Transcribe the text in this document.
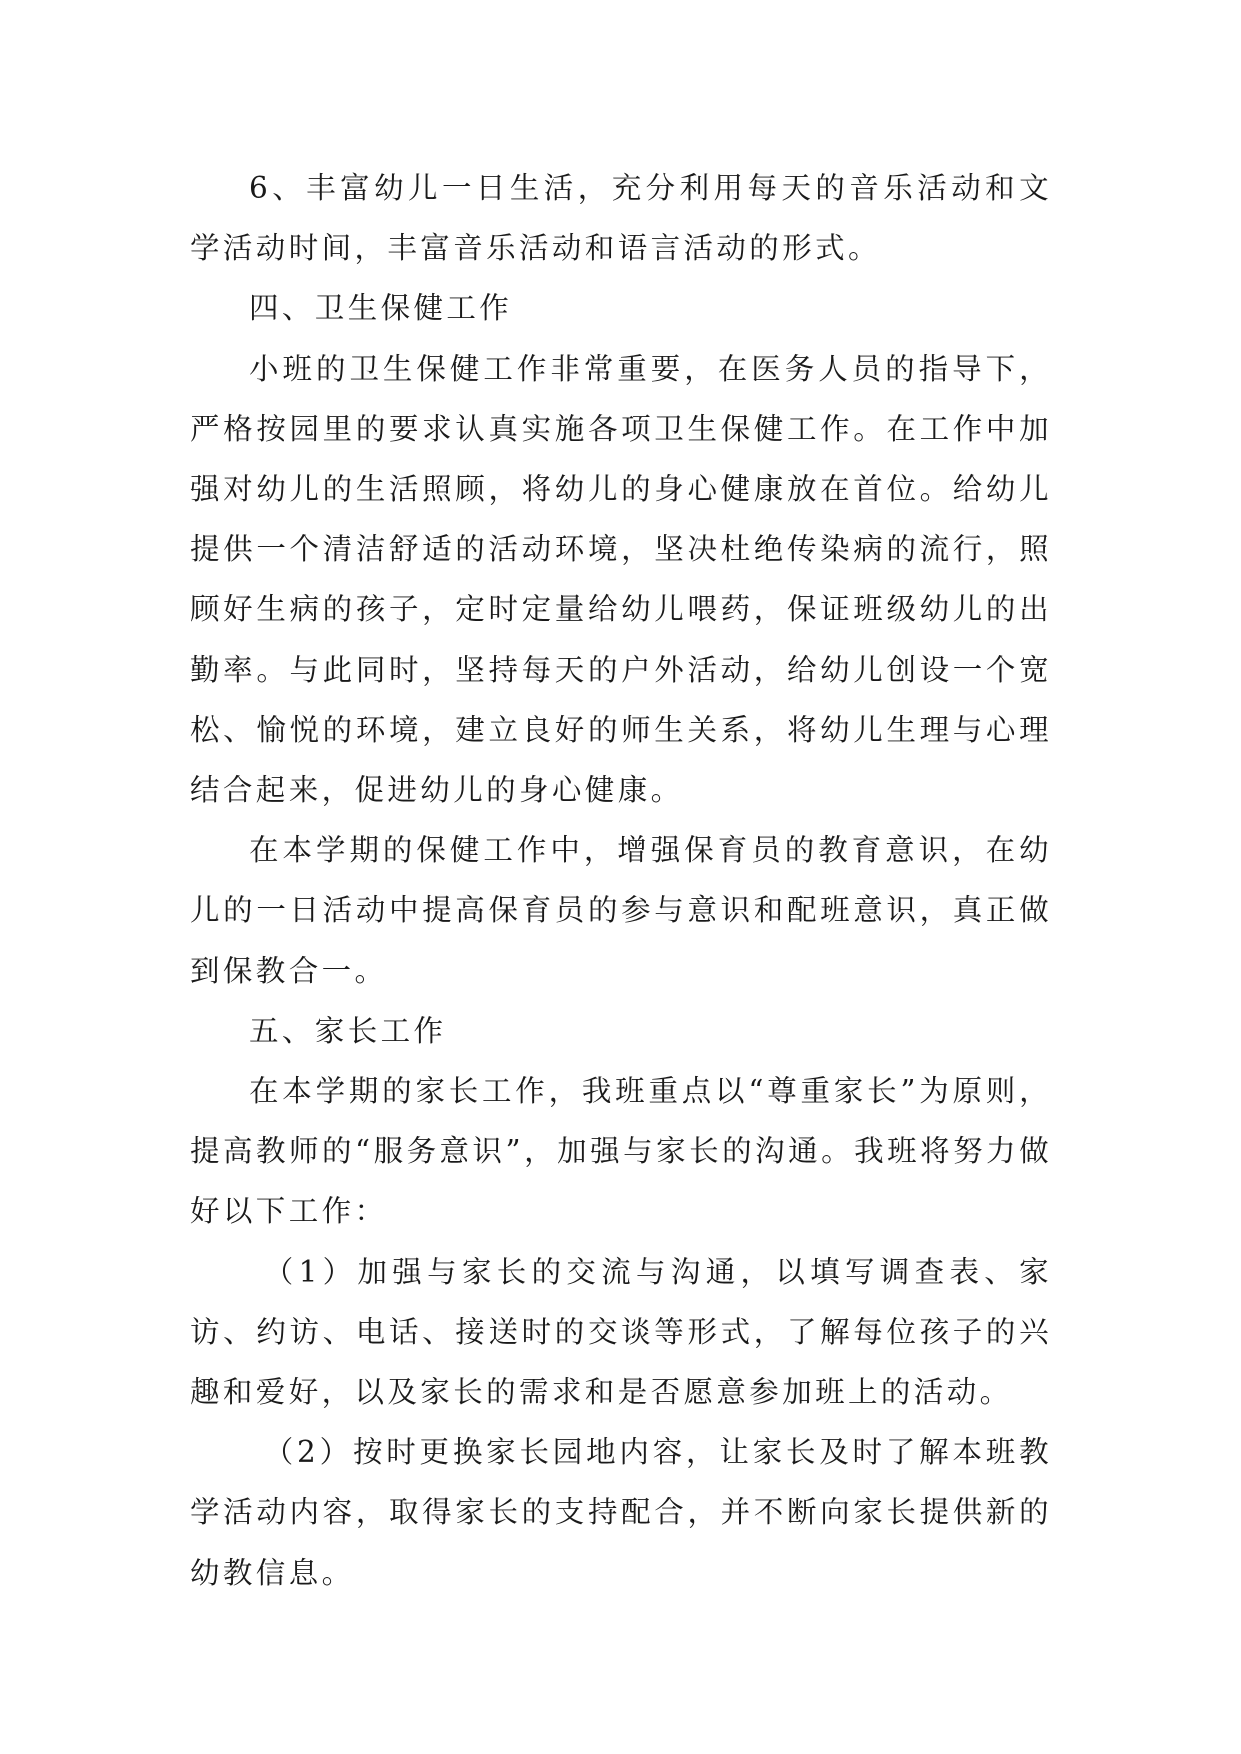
6、丰富幼儿一日生活，充分利用每天的音乐活动和文学活动时间，丰富音乐活动和语言活动的形式。

四、卫生保健工作

小班的卫生保健工作非常重要，在医务人员的指导下，严格按园里的要求认真实施各项卫生保健工作。在工作中加强对幼儿的生活照顾，将幼儿的身心健康放在首位。给幼儿提供一个清洁舒适的活动环境，坚决杜绝传染病的流行，照顾好生病的孩子，定时定量给幼儿喂药，保证班级幼儿的出勤率。与此同时，坚持每天的户外活动，给幼儿创设一个宽松、愉悦的环境，建立良好的师生关系，将幼儿生理与心理结合起来，促进幼儿的身心健康。

在本学期的保健工作中，增强保育员的教育意识，在幼儿的一日活动中提高保育员的参与意识和配班意识，真正做到保教合一。

五、家长工作

在本学期的家长工作，我班重点以“尊重家长”为原则，提高教师的“服务意识”，加强与家长的沟通。我班将努力做好以下工作：

（1）加强与家长的交流与沟通，以填写调查表、家访、约访、电话、接送时的交谈等形式，了解每位孩子的兴趣和爱好，以及家长的需求和是否愿意参加班上的活动。

（2）按时更换家长园地内容，让家长及时了解本班教学活动内容，取得家长的支持配合，并不断向家长提供新的幼教信息。
